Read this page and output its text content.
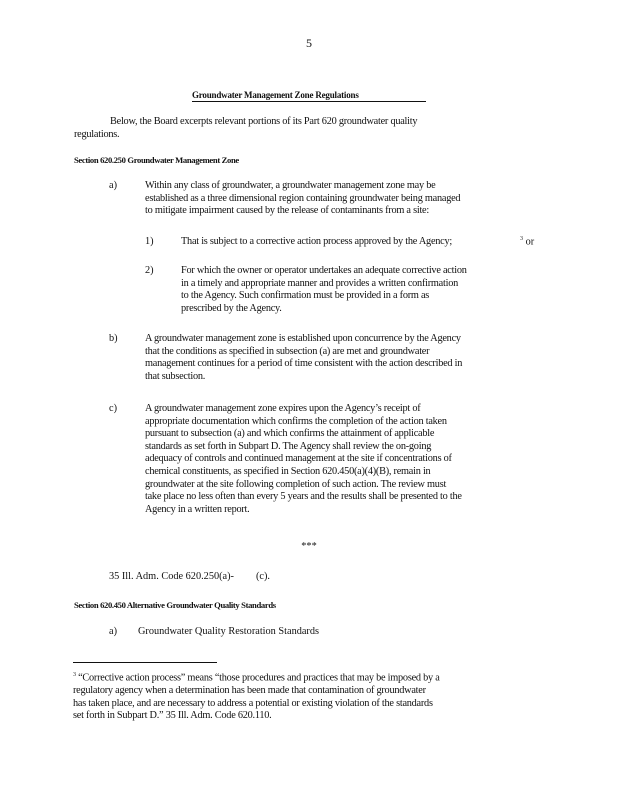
5
Groundwater Management Zone Regulations
Below, the Board excerpts relevant portions of its Part 620 groundwater quality regulations.
Section 620.250 Groundwater Management Zone
a)	Within any class of groundwater, a groundwater management zone may be established as a three dimensional region containing groundwater being managed to mitigate impairment caused by the release of contaminants from a site:
1)	That is subject to a corrective action process approved by the Agency;	$^3$ or
2)	For which the owner or operator undertakes an adequate corrective action in a timely and appropriate manner and provides a written confirmation to the Agency. Such confirmation must be provided in a form as prescribed by the Agency.
b)	A groundwater management zone is established upon concurrence by the Agency that the conditions as specified in subsection (a) are met and groundwater management continues for a period of time consistent with the action described in that subsection.
c)	A groundwater management zone expires upon the Agency’s receipt of appropriate documentation which confirms the completion of the action taken pursuant to subsection (a) and which confirms the attainment of applicable standards as set forth in Subpart D. The Agency shall review the on-going adequacy of controls and continued management at the site if concentrations of chemical constituents, as specified in Section 620.450(a)(4)(B), remain in groundwater at the site following completion of such action. The review must take place no less often than every 5 years and the results shall be presented to the Agency in a written report.
***
35 Ill. Adm. Code 620.250(a)- (c).
Section 620.450 Alternative Groundwater Quality Standards
a) Groundwater Quality Restoration Standards
$^3$ “Corrective action process” means “those procedures and practices that may be imposed by a regulatory agency when a determination has been made that contamination of groundwater has taken place, and are necessary to address a potential or existing violation of the standards set forth in Subpart D.” 35 Ill. Adm. Code 620.110.
